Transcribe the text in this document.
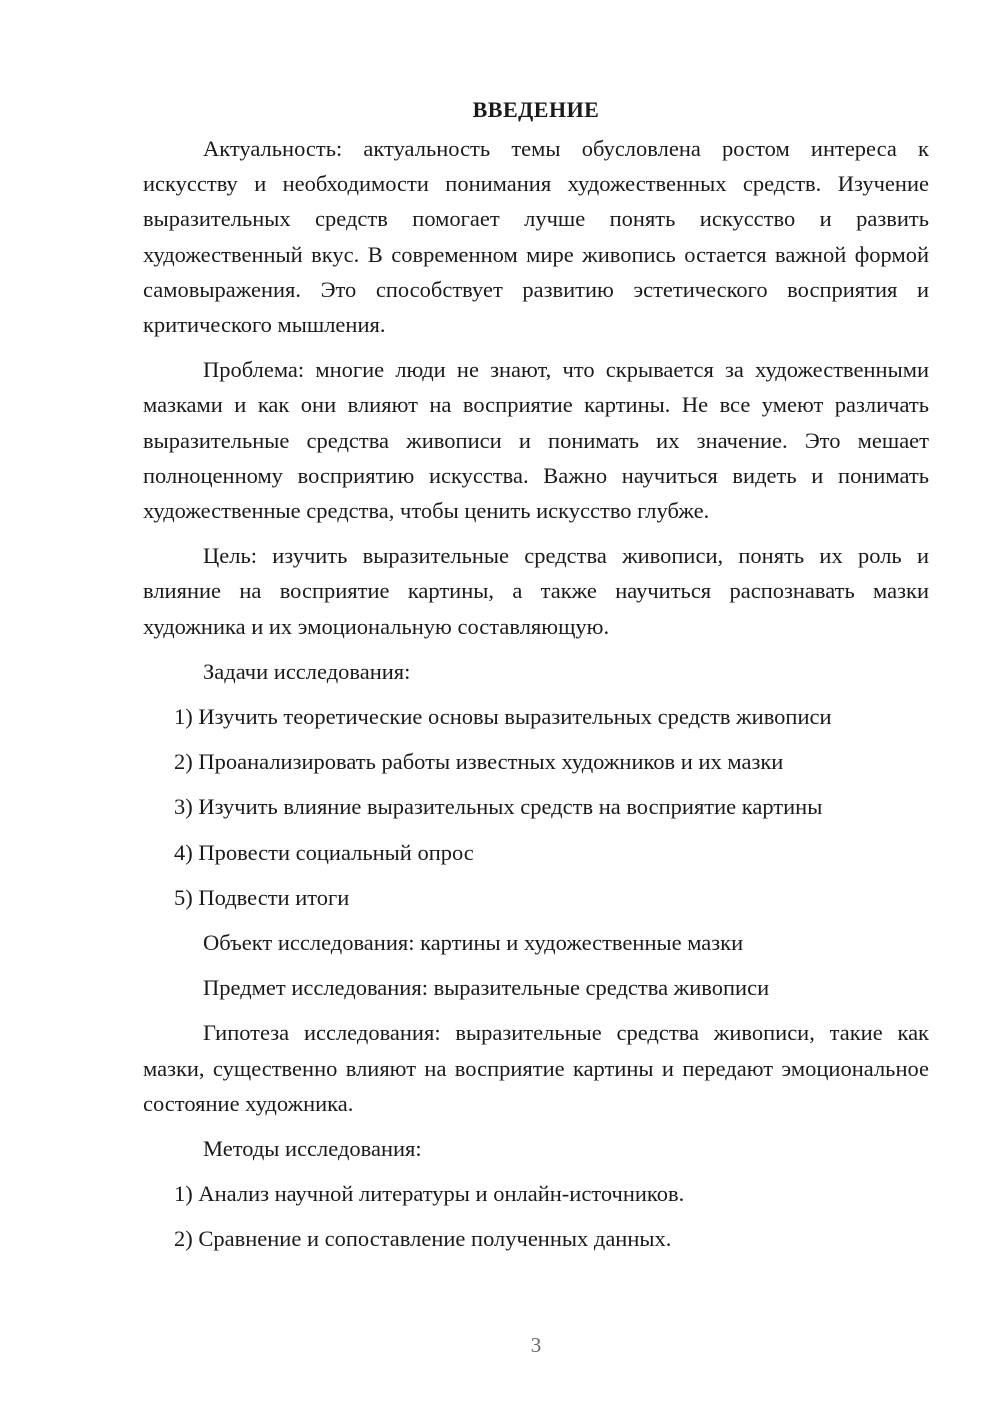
ВВЕДЕНИЕ

Актуальность: актуальность темы обусловлена ростом интереса к искусству и необходимости понимания художественных средств. Изучение выразительных средств помогает лучше понять искусство и развить художественный вкус. В современном мире живопись остается важной формой самовыражения. Это способствует развитию эстетического восприятия и критического мышления.

Проблема: многие люди не знают, что скрывается за художественными мазками и как они влияют на восприятие картины. Не все умеют различать выразительные средства живописи и понимать их значение. Это мешает полноценному восприятию искусства. Важно научиться видеть и понимать художественные средства, чтобы ценить искусство глубже.

Цель: изучить выразительные средства живописи, понять их роль и влияние на восприятие картины, а также научиться распознавать мазки художника и их эмоциональную составляющую.

Задачи исследования:
1) Изучить теоретические основы выразительных средств живописи
2) Проанализировать работы известных художников и их мазки
3) Изучить влияние выразительных средств на восприятие картины
4) Провести социальный опрос
5) Подвести итоги
Объект исследования: картины и художественные мазки
Предмет исследования: выразительные средства живописи

Гипотеза исследования: выразительные средства живописи, такие как мазки, существенно влияют на восприятие картины и передают эмоциональное состояние художника.

Методы исследования:
1) Анализ научной литературы и онлайн-источников.
2) Сравнение и сопоставление полученных данных.
3
